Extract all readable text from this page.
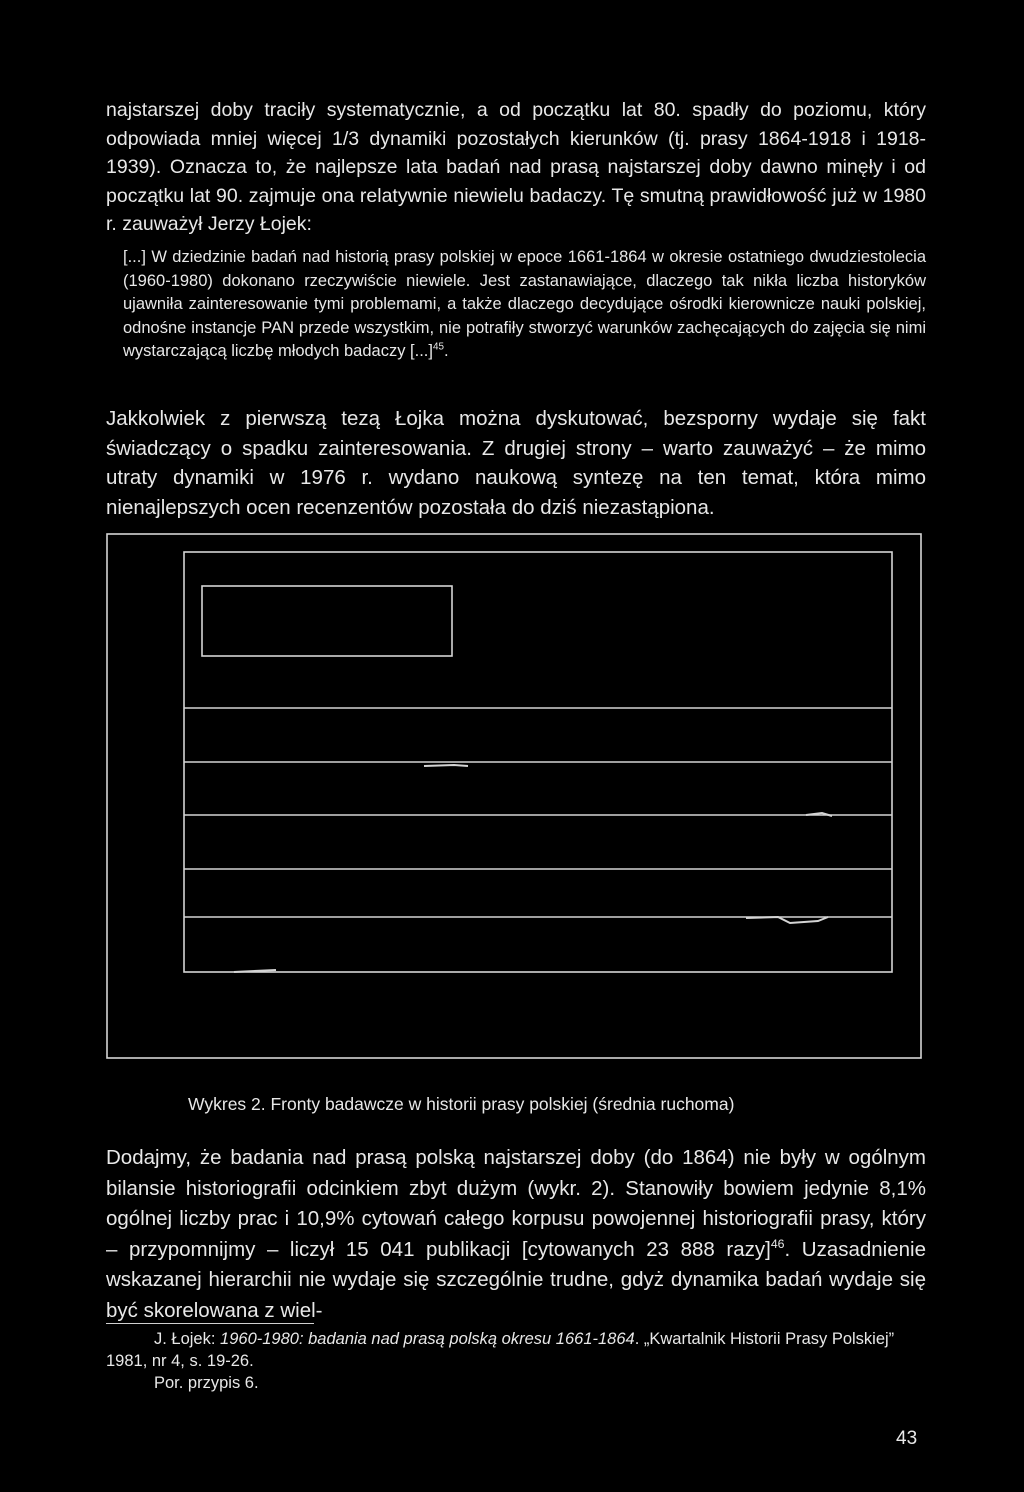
najstarszej doby traciły systematycznie, a od początku lat 80. spadły do poziomu, który odpowiada mniej więcej 1/3 dynamiki pozostałych kierunków (tj. prasy 1864-1918 i 1918-1939). Oznacza to, że najlepsze lata badań nad prasą najstarszej doby dawno minęły i od początku lat 90. zajmuje ona relatywnie niewielu badaczy. Tę smutną prawidłowość już w 1980 r. zauważył Jerzy Łojek:

[...] W dziedzinie badań nad historią prasy polskiej w epoce 1661-1864 w okresie ostatniego dwudziestolecia (1960-1980) dokonano rzeczywiście niewiele. Jest zastanawiające, dlaczego tak nikła liczba historyków ujawniła zainteresowanie tymi problemami, a także dlaczego decydujące ośrodki kierownicze nauki polskiej, odnośne instancje PAN przede wszystkim, nie potrafiły stworzyć warunków zachęcających do zajęcia się nimi wystarczającą liczbę młodych badaczy [...]$^{45}$.

Jakkolwiek z pierwszą tezą Łojka można dyskutować, bezsporny wydaje się fakt świadczący o spadku zainteresowania. Z drugiej strony – warto zauważyć – że mimo utraty dynamiki w 1976 r. wydano naukową syntezę na ten temat, która mimo nienajlepszych ocen recenzentów pozostała do dziś niezastąpiona.

Wykres 2. Fronty badawcze w historii prasy polskiej (średnia ruchoma)

Dodajmy, że badania nad prasą polską najstarszej doby (do 1864) nie były w ogólnym bilansie historiografii odcinkiem zbyt dużym (wykr. 2). Stanowiły bowiem jedynie 8,1% ogólnej liczby prac i 10,9% cytowań całego korpusu powojennej historiografii prasy, który – przypomnijmy – liczył 15 041 publikacji [cytowanych 23 888 razy]$^{46}$. Uzasadnienie wskazanej hierarchii nie wydaje się szczególnie trudne, gdyż dynamika badań wydaje się być skorelowana z wiel-

J. Łojek: 1960-1980: badania nad prasą polską okresu 1661-1864. „Kwartalnik Historii Prasy Polskiej” 1981, nr 4, s. 19-26.

Por. przypis 6.

43
